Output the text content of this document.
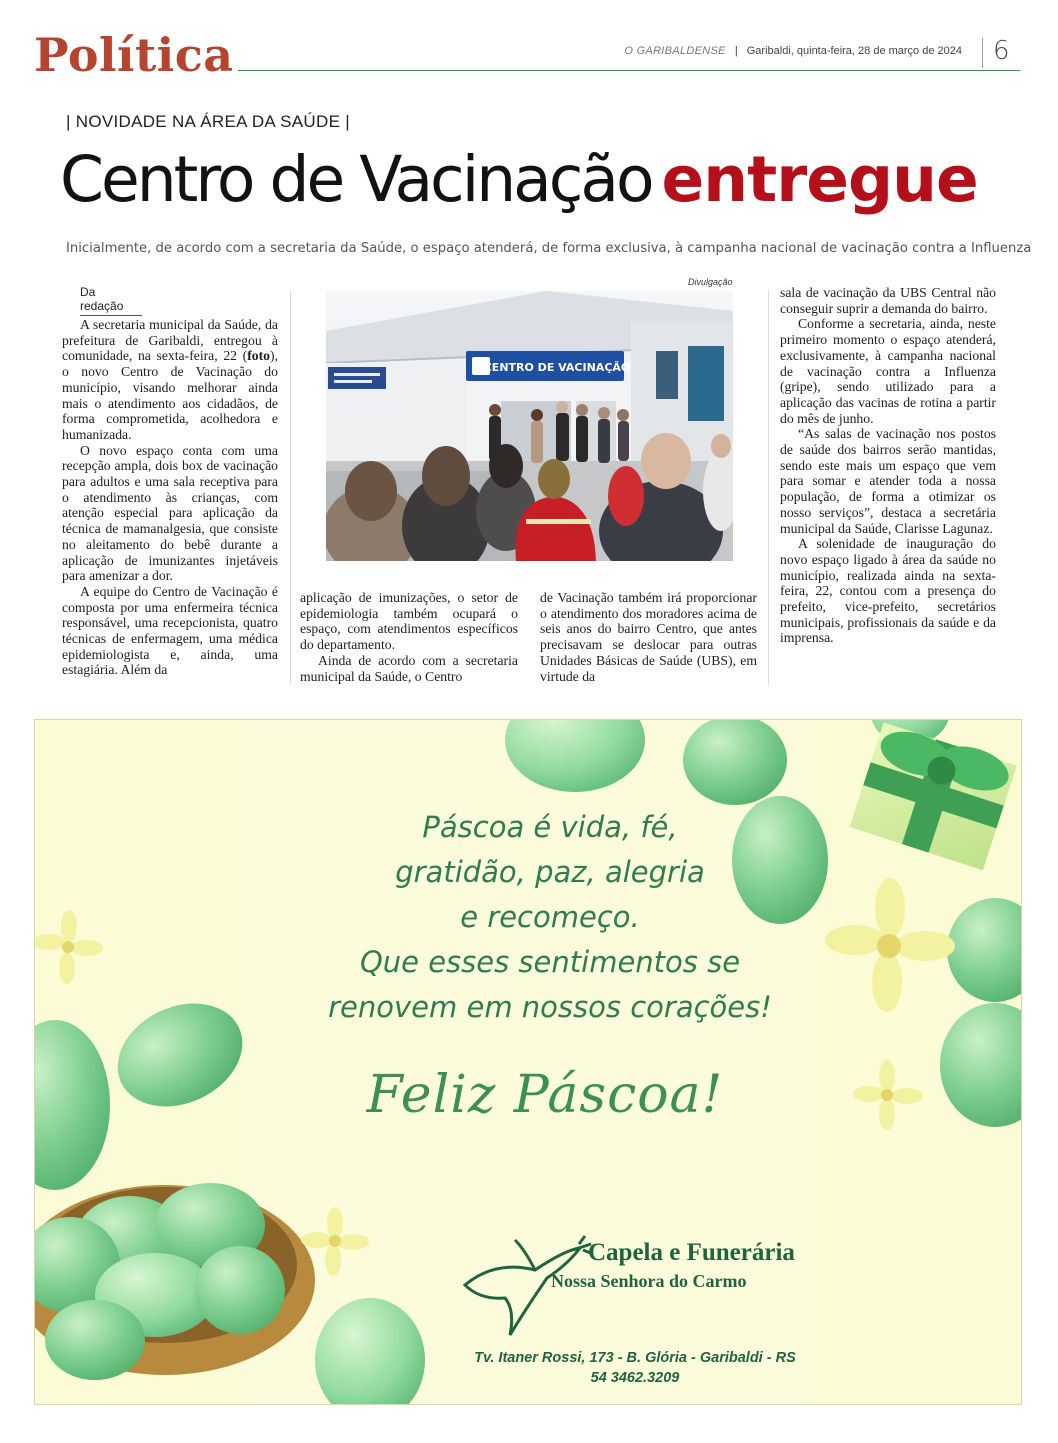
Política	O GARIBALDENSE | Garibaldi, quinta-feira, 28 de março de 2024 6
| NOVIDADE NA ÁREA DA SAÚDE |
Centro de Vacinação entregue
Inicialmente, de acordo com a secretaria da Saúde, o espaço atenderá, de forma exclusiva, à campanha nacional de vacinação contra a Influenza
Da redação

A secretaria municipal da Saúde, da prefeitura de Garibaldi, entregou à comunidade, na sexta-feira, 22 (foto), o novo Centro de Vacinação do município, visando melhorar ainda mais o atendimento aos cidadãos, de forma comprometida, acolhedora e humanizada.

O novo espaço conta com uma recepção ampla, dois box de vacinação para adultos e uma sala receptiva para o atendimento às crianças, com atenção especial para aplicação da técnica de mamanalgesia, que consiste no aleitamento do bebê durante a aplicação de imunizantes injetáveis para amenizar a dor.

A equipe do Centro de Vacinação é composta por uma enfermeira técnica responsável, uma recepcionista, quatro técnicas de enfermagem, uma médica epidemiologista e, ainda, uma estagiária. Além da

Divulgação
CENTRO DE VACINAÇÃO

aplicação de imunizações, o setor de epidemiologia também ocupará o espaço, com atendimentos específicos do departamento.

Ainda de acordo com a secretaria municipal da Saúde, o Centro

de Vacinação também irá proporcionar o atendimento dos moradores acima de seis anos do bairro Centro, que antes precisavam se deslocar para outras Unidades Básicas de Saúde (UBS), em virtude da

sala de vacinação da UBS Central não conseguir suprir a demanda do bairro.

Conforme a secretaria, ainda, neste primeiro momento o espaço atenderá, exclusivamente, à campanha nacional de vacinação contra a Influenza (gripe), sendo utilizado para a aplicação das vacinas de rotina a partir do mês de junho.

“As salas de vacinação nos postos de saúde dos bairros serão mantidas, sendo este mais um espaço que vem para somar e atender toda a nossa população, de forma a otimizar os nosso serviços”, destaca a secretária municipal da Saúde, Clarisse Lagunaz.

A solenidade de inauguração do novo espaço ligado à área da saúde no município, realizada ainda na sexta-feira, 22, contou com a presença do prefeito, vice-prefeito, secretários municipais, profissionais da saúde e da imprensa.

Páscoa é vida, fé,
gratidão, paz, alegria
e recomeço.
Que esses sentimentos se
renovem em nossos corações!
Feliz Páscoa!
Capela e Funerária
Nossa Senhora do Carmo
Tv. Itaner Rossi, 173 - B. Glória - Garibaldi - RS
54 3462.3209
